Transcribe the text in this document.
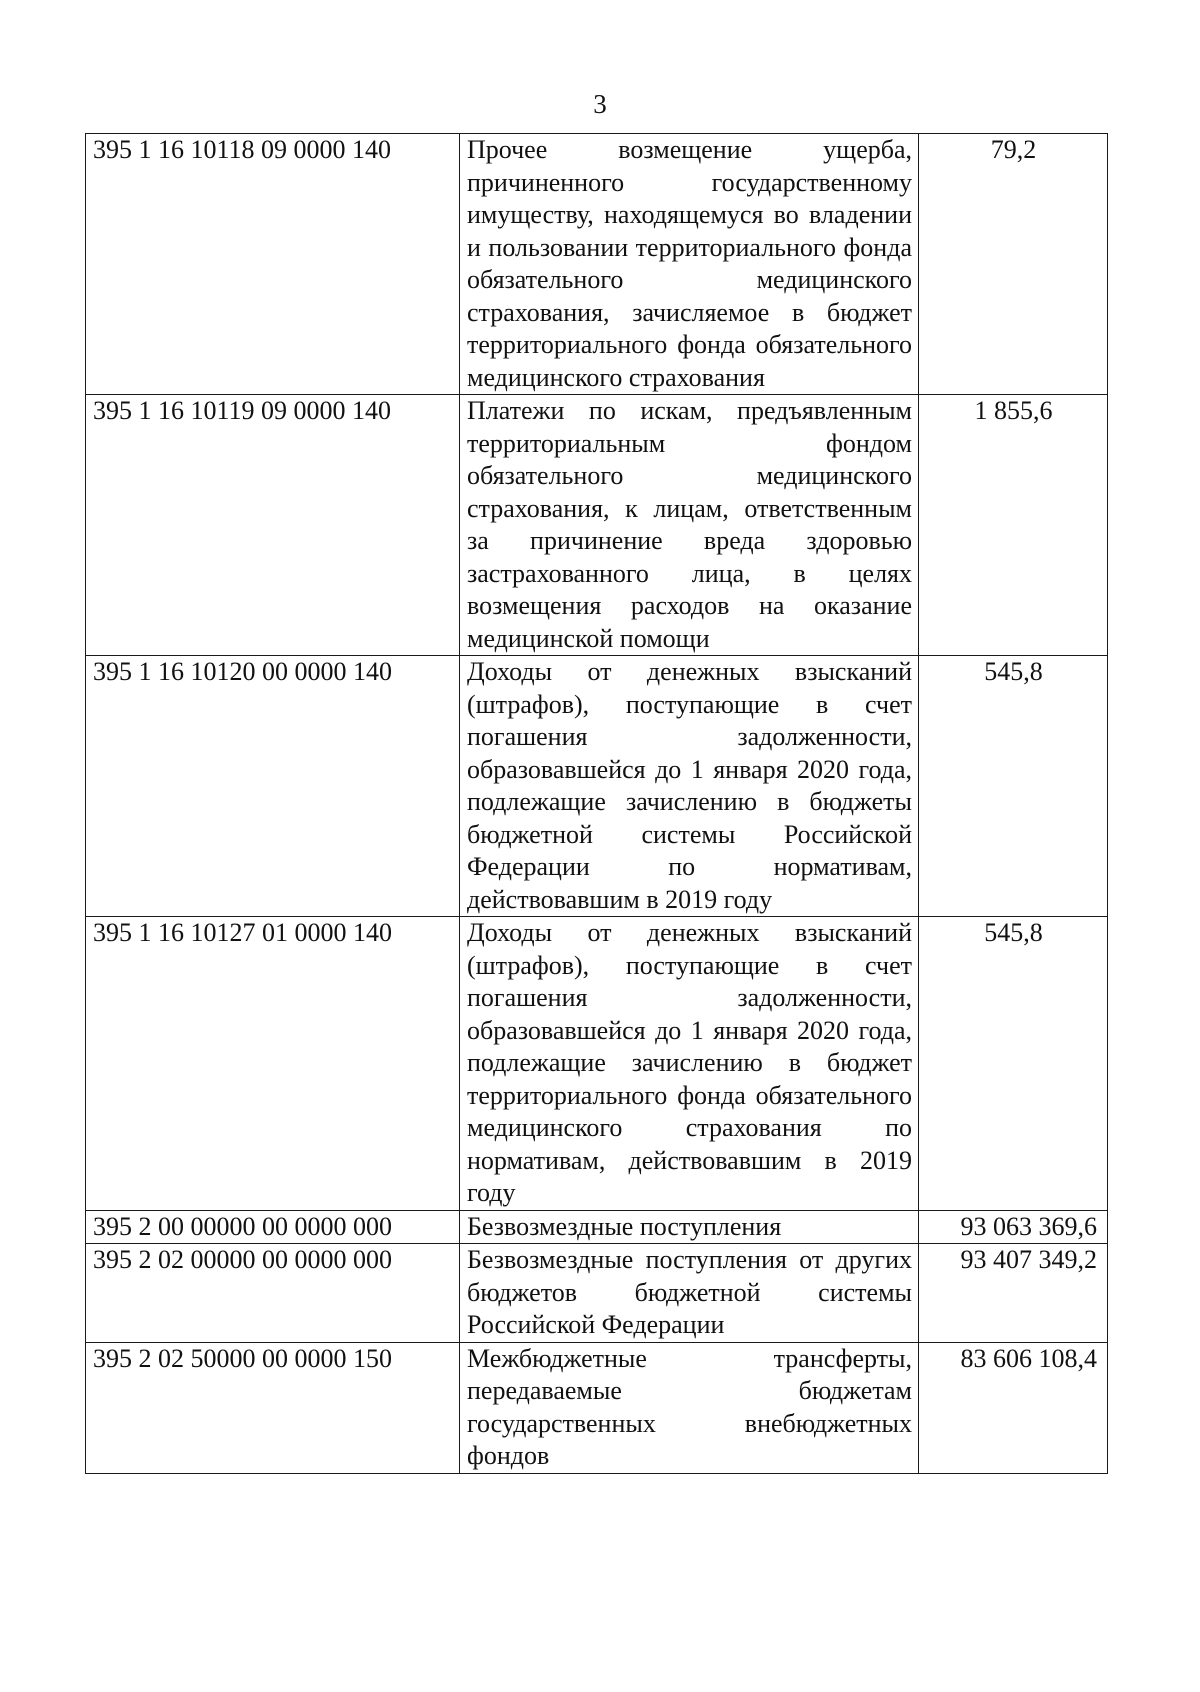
3
395 1 16 10118 09 0000 140	Прочее возмещение ущерба, причиненного государственному имуществу, находящемуся во владении и пользовании территориального фонда обязательного медицинского страхования, зачисляемое в бюджет территориального фонда обязательного медицинского страхования	79,2
395 1 16 10119 09 0000 140	Платежи по искам, предъявленным территориальным фондом обязательного медицинского страхования, к лицам, ответственным за причинение вреда здоровью застрахованного лица, в целях возмещения расходов на оказание медицинской помощи	1 855,6
395 1 16 10120 00 0000 140	Доходы от денежных взысканий (штрафов), поступающие в счет погашения задолженности, образовавшейся до 1 января 2020 года, подлежащие зачислению в бюджеты бюджетной системы Российской Федерации по нормативам, действовавшим в 2019 году	545,8
395 1 16 10127 01 0000 140	Доходы от денежных взысканий (штрафов), поступающие в счет погашения задолженности, образовавшейся до 1 января 2020 года, подлежащие зачислению в бюджет территориального фонда обязательного медицинского страхования по нормативам, действовавшим в 2019 году	545,8
395 2 00 00000 00 0000 000	Безвозмездные поступления	93 063 369,6
395 2 02 00000 00 0000 000	Безвозмездные поступления от других бюджетов бюджетной системы Российской Федерации	93 407 349,2
395 2 02 50000 00 0000 150	Межбюджетные трансферты, передаваемые бюджетам государственных внебюджетных фондов	83 606 108,4
